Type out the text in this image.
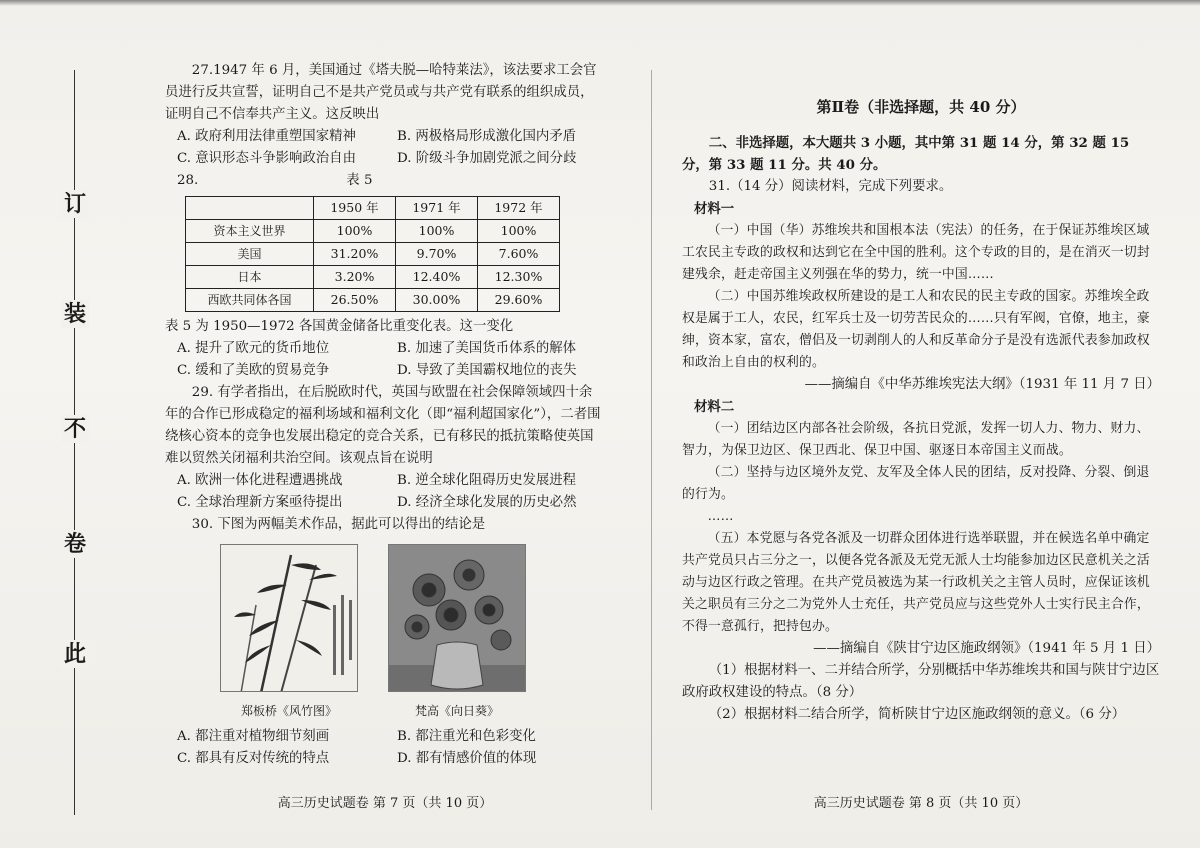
此
卷
不
装
订

27.1947 年 6 月，美国通过《塔夫脱—哈特莱法》，该法要求工会官员进行反共宣誓，证明自己不是共产党员或与共产党有联系的组织成员，证明自己不信奉共产主义。这反映出

A. 政府利用法律重塑国家精神	B. 两极格局形成激化国内矛盾
C. 意识形态斗争影响政治自由	D. 阶级斗争加剧党派之间分歧
28.	表 5
	1950 年	1971 年	1972 年
资本主义世界	100%	100%	100%
美国	31.20%	9.70%	7.60%
日本	3.20%	12.40%	12.30%
西欧共同体各国	26.50%	30.00%	29.60%

表 5 为 1950—1972 各国黄金储备比重变化表。这一变化

A. 提升了欧元的货币地位	B. 加速了美国货币体系的解体
C. 缓和了美欧的贸易竞争	D. 导致了美国霸权地位的丧失

29. 有学者指出，在后脱欧时代，英国与欧盟在社会保障领域四十余年的合作已形成稳定的福利场域和福利文化（即“福利超国家化”），二者围绕核心资本的竞争也发展出稳定的竞合关系，已有移民的抵抗策略使英国难以贸然关闭福利共治空间。该观点旨在说明

A. 欧洲一体化进程遭遇挑战	B. 逆全球化阻碍历史发展进程
C. 全球治理新方案亟待提出	D. 经济全球化发展的历史必然

30. 下图为两幅美术作品，据此可以得出的结论是

郑板桥《风竹图》	梵高《向日葵》
A. 都注重对植物细节刻画	B. 都注重光和色彩变化
C. 都具有反对传统的特点	D. 都有情感价值的体现
高三历史试题卷 第 7 页（共 10 页）
第Ⅱ卷（非选择题，共 40 分）

二、非选择题，本大题共 3 小题，其中第 31 题 14 分，第 32 题 15 分，第 33 题 11 分。共 40 分。

31.（14 分）阅读材料，完成下列要求。

材料一

（一）中国（华）苏维埃共和国根本法（宪法）的任务，在于保证苏维埃区域工农民主专政的政权和达到它在全中国的胜利。这个专政的目的，是在消灭一切封建残余，赶走帝国主义列强在华的势力，统一中国……

（二）中国苏维埃政权所建设的是工人和农民的民主专政的国家。苏维埃全政权是属于工人，农民，红军兵士及一切劳苦民众的……只有军阀，官僚，地主，豪绅，资本家，富农，僧侣及一切剥削人的人和反革命分子是没有选派代表参加政权和政治上自由的权利的。

——摘编自《中华苏维埃宪法大纲》（1931 年 11 月 7 日）

材料二

（一）团结边区内部各社会阶级，各抗日党派，发挥一切人力、物力、财力、智力，为保卫边区、保卫西北、保卫中国、驱逐日本帝国主义而战。

（二）坚持与边区境外友党、友军及全体人民的团结，反对投降、分裂、倒退的行为。

……

（五）本党愿与各党各派及一切群众团体进行选举联盟，并在候选名单中确定共产党员只占三分之一，以便各党各派及无党无派人士均能参加边区民意机关之活动与边区行政之管理。在共产党员被选为某一行政机关之主管人员时，应保证该机关之职员有三分之二为党外人士充任，共产党员应与这些党外人士实行民主合作，不得一意孤行，把持包办。

——摘编自《陕甘宁边区施政纲领》（1941 年 5 月 1 日）

（1）根据材料一、二并结合所学，分别概括中华苏维埃共和国与陕甘宁边区政府政权建设的特点。（8 分）

（2）根据材料二结合所学，简析陕甘宁边区施政纲领的意义。（6 分）

高三历史试题卷 第 8 页（共 10 页）
